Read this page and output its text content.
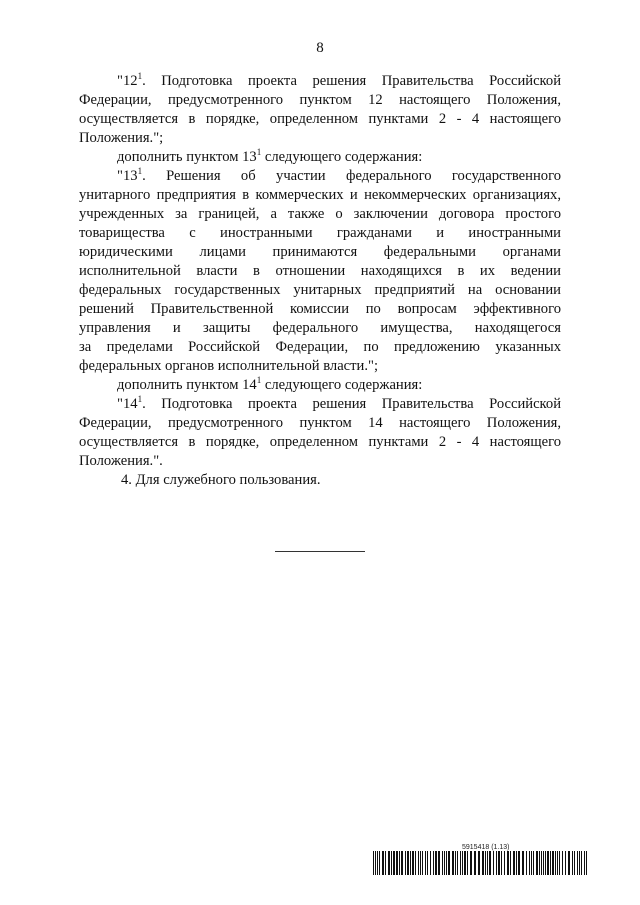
8
"$12^1$. Подготовка проекта решения Правительства Российской
Федерации, предусмотренного пунктом 12 настоящего Положения,
осуществляется в порядке, определенном пунктами 2 - 4 настоящего
Положения.";
дополнить пунктом $13^1$ следующего содержания:
"$13^1$. Решения об участии федерального государственного
унитарного предприятия в коммерческих и некоммерческих организациях,
учрежденных за границей, а также о заключении договора простого
товарищества с иностранными гражданами и иностранными
юридическими лицами принимаются федеральными органами
исполнительной власти в отношении находящихся в их ведении
федеральных государственных унитарных предприятий на основании
решений Правительственной комиссии по вопросам эффективного
управления и защиты федерального имущества, находящегося
за пределами Российской Федерации, по предложению указанных
федеральных органов исполнительной власти.";
дополнить пунктом $14^1$ следующего содержания:
"$14^1$. Подготовка проекта решения Правительства Российской
Федерации, предусмотренного пунктом 14 настоящего Положения,
осуществляется в порядке, определенном пунктами 2 - 4 настоящего
Положения.".
4. Для служебного пользования.
5915418 (1.13)
